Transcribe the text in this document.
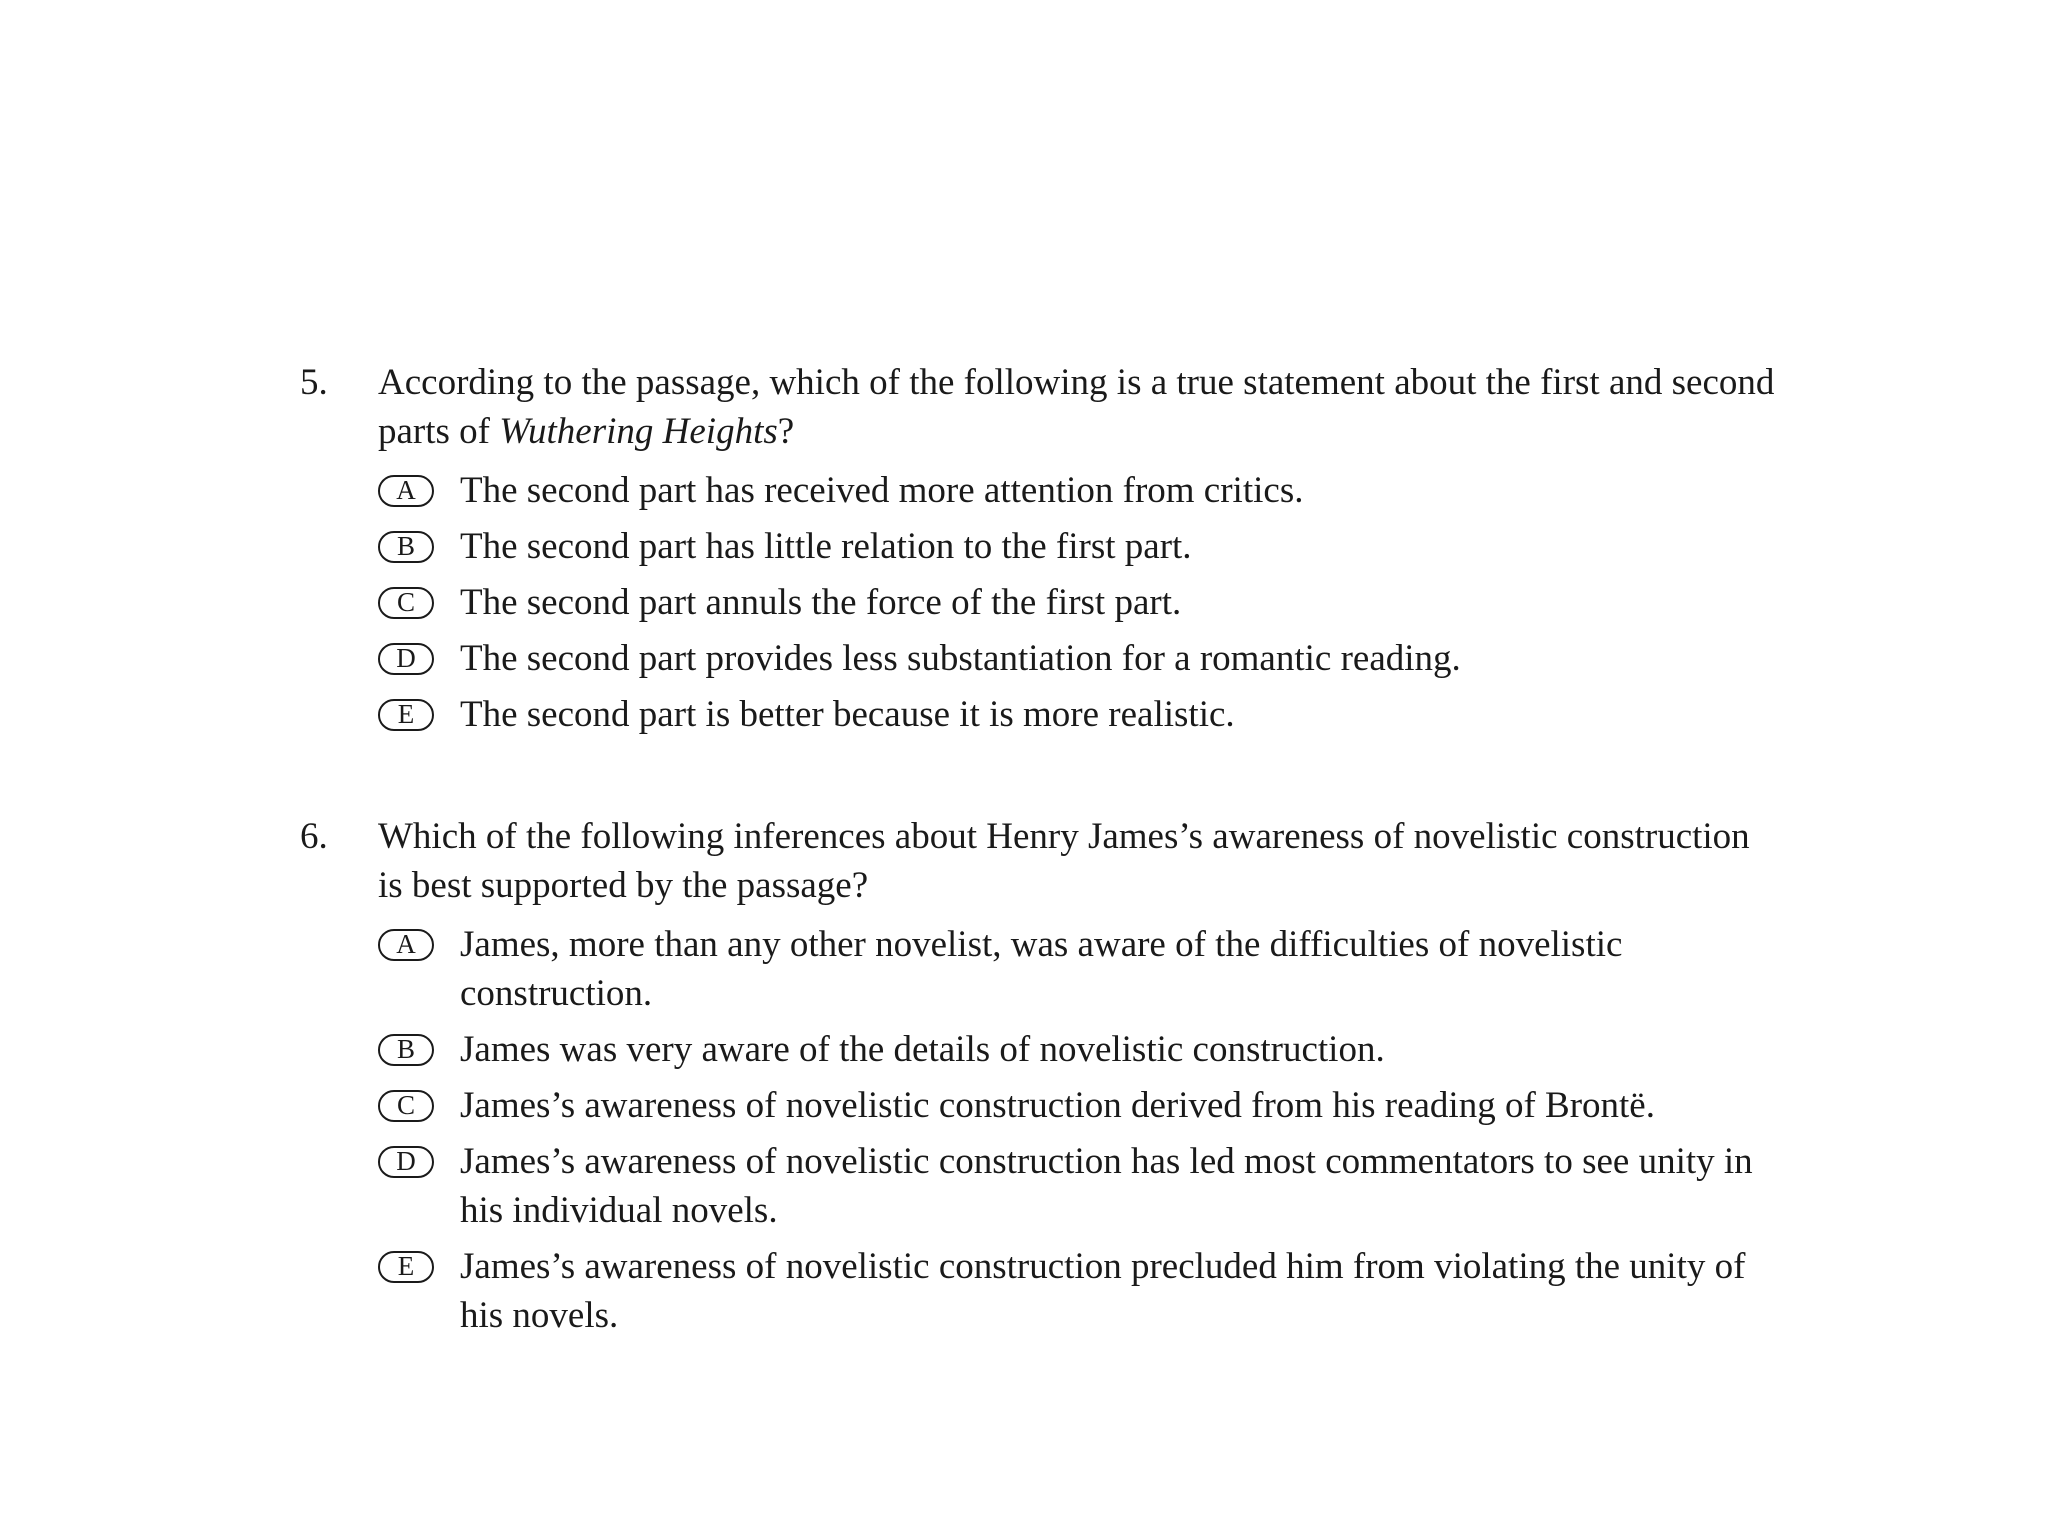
5.	According to the passage, which of the following is a true statement about the first and second parts of Wuthering Heights?
A	The second part has received more attention from critics.
B	The second part has little relation to the first part.
C	The second part annuls the force of the first part.
D	The second part provides less substantiation for a romantic reading.
E	The second part is better because it is more realistic.
6.	Which of the following inferences about Henry James’s awareness of novelistic construction is best supported by the passage?
A	James, more than any other novelist, was aware of the difficulties of novelistic construction.
B	James was very aware of the details of novelistic construction.
C	James’s awareness of novelistic construction derived from his reading of Brontë.
D	James’s awareness of novelistic construction has led most commentators to see unity in his individual novels.
E	James’s awareness of novelistic construction precluded him from violating the unity of his novels.
